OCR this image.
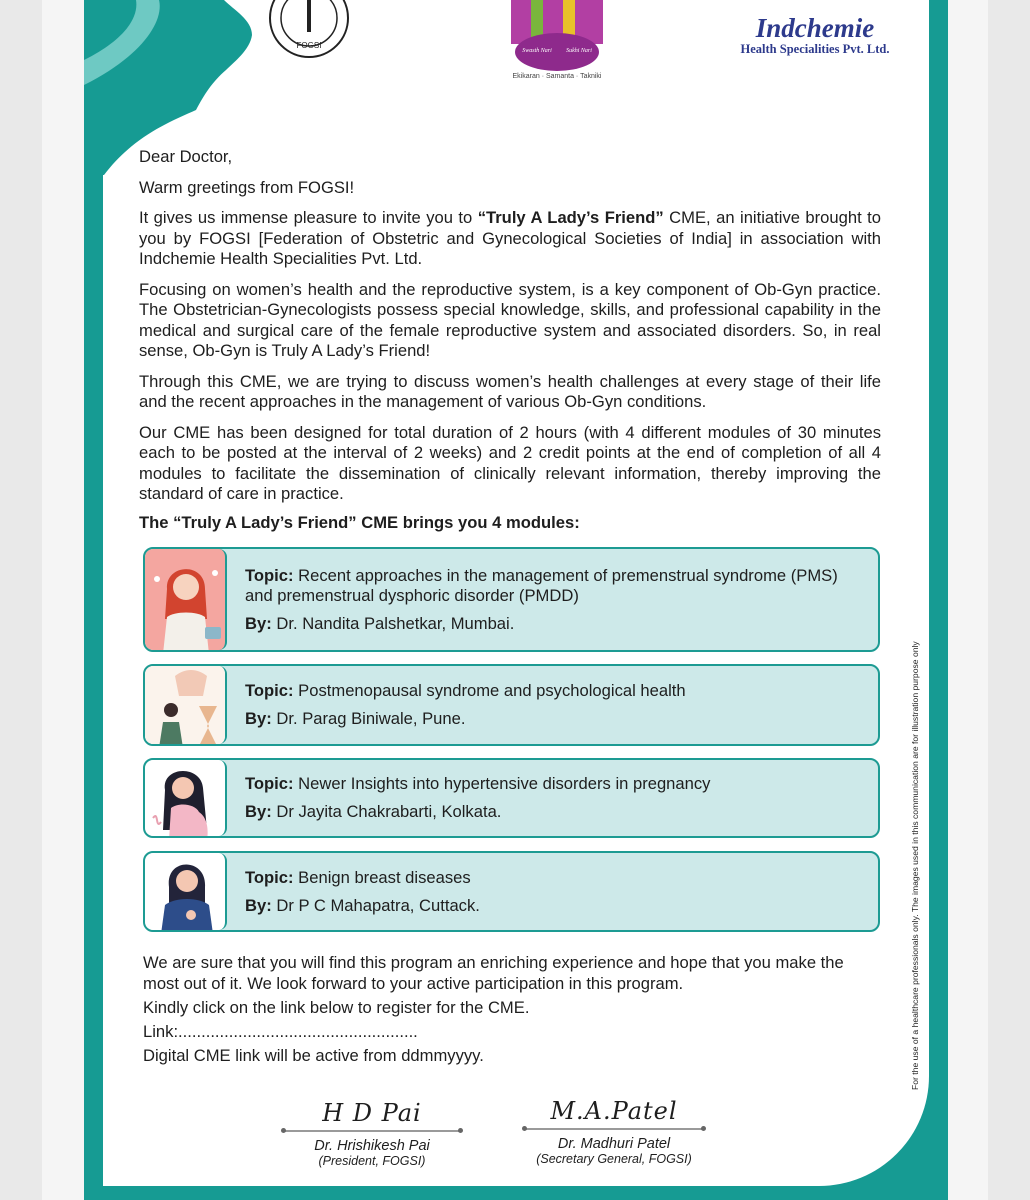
FOGSI
Swasth Nari Sukhi Nari
Ekikaran · Samanta · Takniki
Indchemie
Health Specialities Pvt. Ltd.

Dear Doctor,

Warm greetings from FOGSI!

It gives us immense pleasure to invite you to “Truly A Lady’s Friend” CME, an initiative brought to you by FOGSI [Federation of Obstetric and Gynecological Societies of India] in association with Indchemie Health Specialities Pvt. Ltd.

Focusing on women’s health and the reproductive system, is a key component of Ob-Gyn practice. The Obstetrician-Gynecologists possess special knowledge, skills, and professional capability in the medical and surgical care of the female reproductive system and associated disorders. So, in real sense, Ob-Gyn is Truly A Lady’s Friend!

Through this CME, we are trying to discuss women’s health challenges at every stage of their life and the recent approaches in the management of various Ob-Gyn conditions.

Our CME has been designed for total duration of 2 hours (with 4 different modules of 30 minutes each to be posted at the interval of 2 weeks) and 2 credit points at the end of completion of all 4 modules to facilitate the dissemination of clinically relevant information, thereby improving the standard of care in practice.

The “Truly A Lady’s Friend” CME brings you 4 modules:

Topic: Recent approaches in the management of premenstrual syndrome (PMS) and premenstrual dysphoric disorder (PMDD)
By: Dr. Nandita Palshetkar, Mumbai.
Topic: Postmenopausal syndrome and psychological health
By: Dr. Parag Biniwale, Pune.
Topic: Newer Insights into hypertensive disorders in pregnancy
By: Dr Jayita Chakrabarti, Kolkata.
Topic: Benign breast diseases
By: Dr P C Mahapatra, Cuttack.
We are sure that you will find this program an enriching experience and hope that you make the most out of it. We look forward to your active participation in this program.
Kindly click on the link below to register for the CME.
Link:....................................................
Digital CME link will be active from ddmmyyyy.
H D Pai
Dr. Hrishikesh Pai
(President, FOGSI)
M.A.Patel
Dr. Madhuri Patel
(Secretary General, FOGSI)
For the use of a healthcare professionals only. The images used in this communication are for illustration purpose only
